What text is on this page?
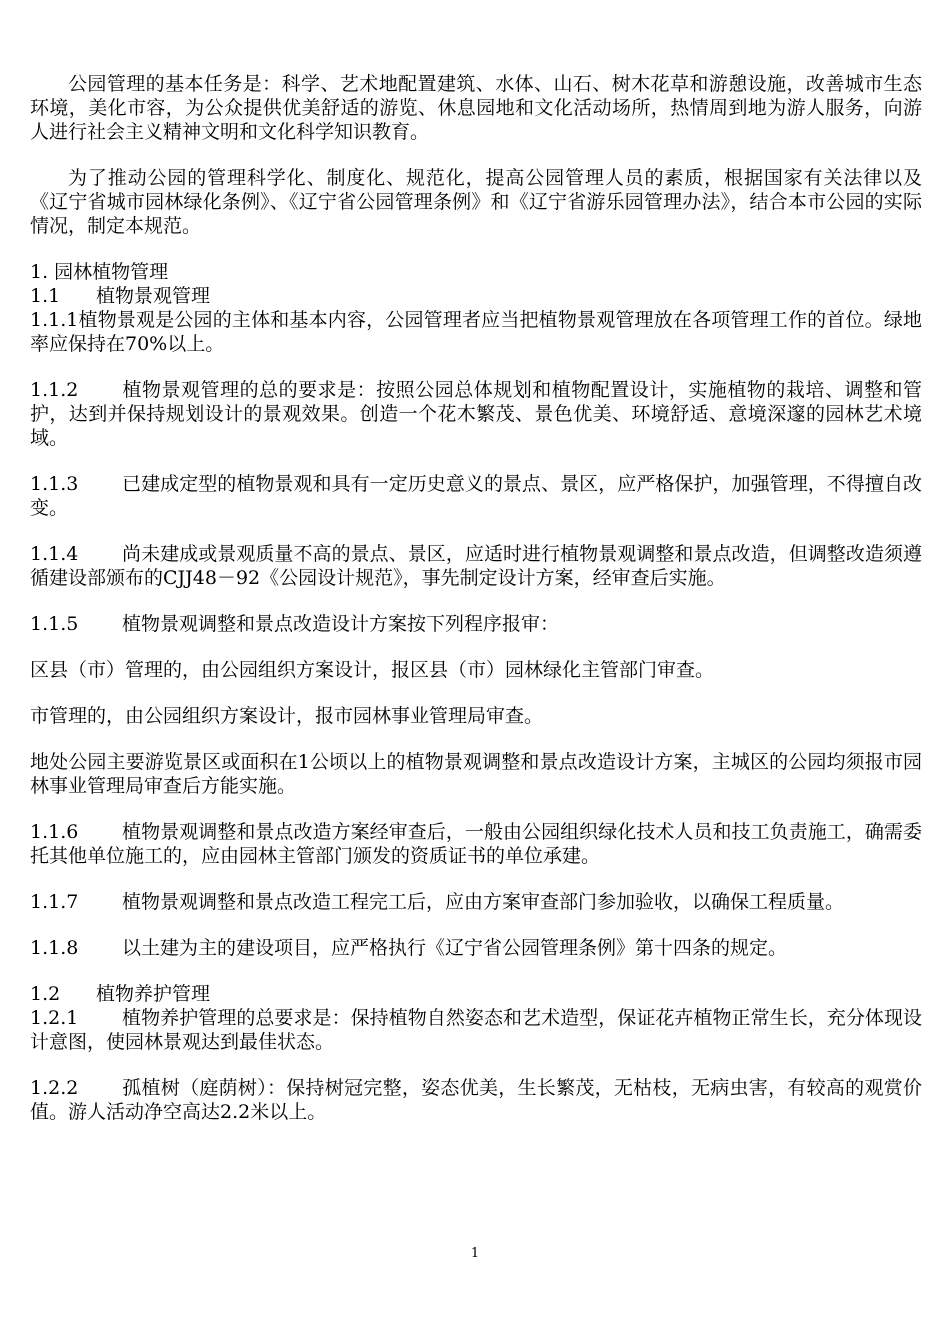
公园管理的基本任务是：科学、艺术地配置建筑、水体、山石、树木花草和游憩设施，改善城市生态环境，美化市容，为公众提供优美舒适的游览、休息园地和文化活动场所，热情周到地为游人服务，向游人进行社会主义精神文明和文化科学知识教育。

为了推动公园的管理科学化、制度化、规范化，提高公园管理人员的素质，根据国家有关法律以及《辽宁省城市园林绿化条例》、《辽宁省公园管理条例》和《辽宁省游乐园管理办法》，结合本市公园的实际情况，制定本规范。

1. 园林植物管理

1.1 植物景观管理

1.1.1植物景观是公园的主体和基本内容，公园管理者应当把植物景观管理放在各项管理工作的首位。绿地率应保持在70%以上。

1.1.2 植物景观管理的总的要求是：按照公园总体规划和植物配置设计，实施植物的栽培、调整和管护，达到并保持规划设计的景观效果。创造一个花木繁茂、景色优美、环境舒适、意境深邃的园林艺术境域。

1.1.3 已建成定型的植物景观和具有一定历史意义的景点、景区，应严格保护，加强管理，不得擅自改变。

1.1.4 尚未建成或景观质量不高的景点、景区，应适时进行植物景观调整和景点改造，但调整改造须遵循建设部颁布的CJJ48－92《公园设计规范》，事先制定设计方案，经审查后实施。

1.1.5 植物景观调整和景点改造设计方案按下列程序报审：

区县（市）管理的，由公园组织方案设计，报区县（市）园林绿化主管部门审查。

市管理的，由公园组织方案设计，报市园林事业管理局审查。

地处公园主要游览景区或面积在1公顷以上的植物景观调整和景点改造设计方案，主城区的公园均须报市园林事业管理局审查后方能实施。

1.1.6 植物景观调整和景点改造方案经审查后，一般由公园组织绿化技术人员和技工负责施工，确需委托其他单位施工的，应由园林主管部门颁发的资质证书的单位承建。

1.1.7 植物景观调整和景点改造工程完工后，应由方案审查部门参加验收，以确保工程质量。

1.1.8 以土建为主的建设项目，应严格执行《辽宁省公园管理条例》第十四条的规定。

1.2 植物养护管理

1.2.1 植物养护管理的总要求是：保持植物自然姿态和艺术造型，保证花卉植物正常生长，充分体现设计意图，使园林景观达到最佳状态。

1.2.2 孤植树（庭荫树）：保持树冠完整，姿态优美，生长繁茂，无枯枝，无病虫害，有较高的观赏价值。游人活动净空高达2.2米以上。

1
